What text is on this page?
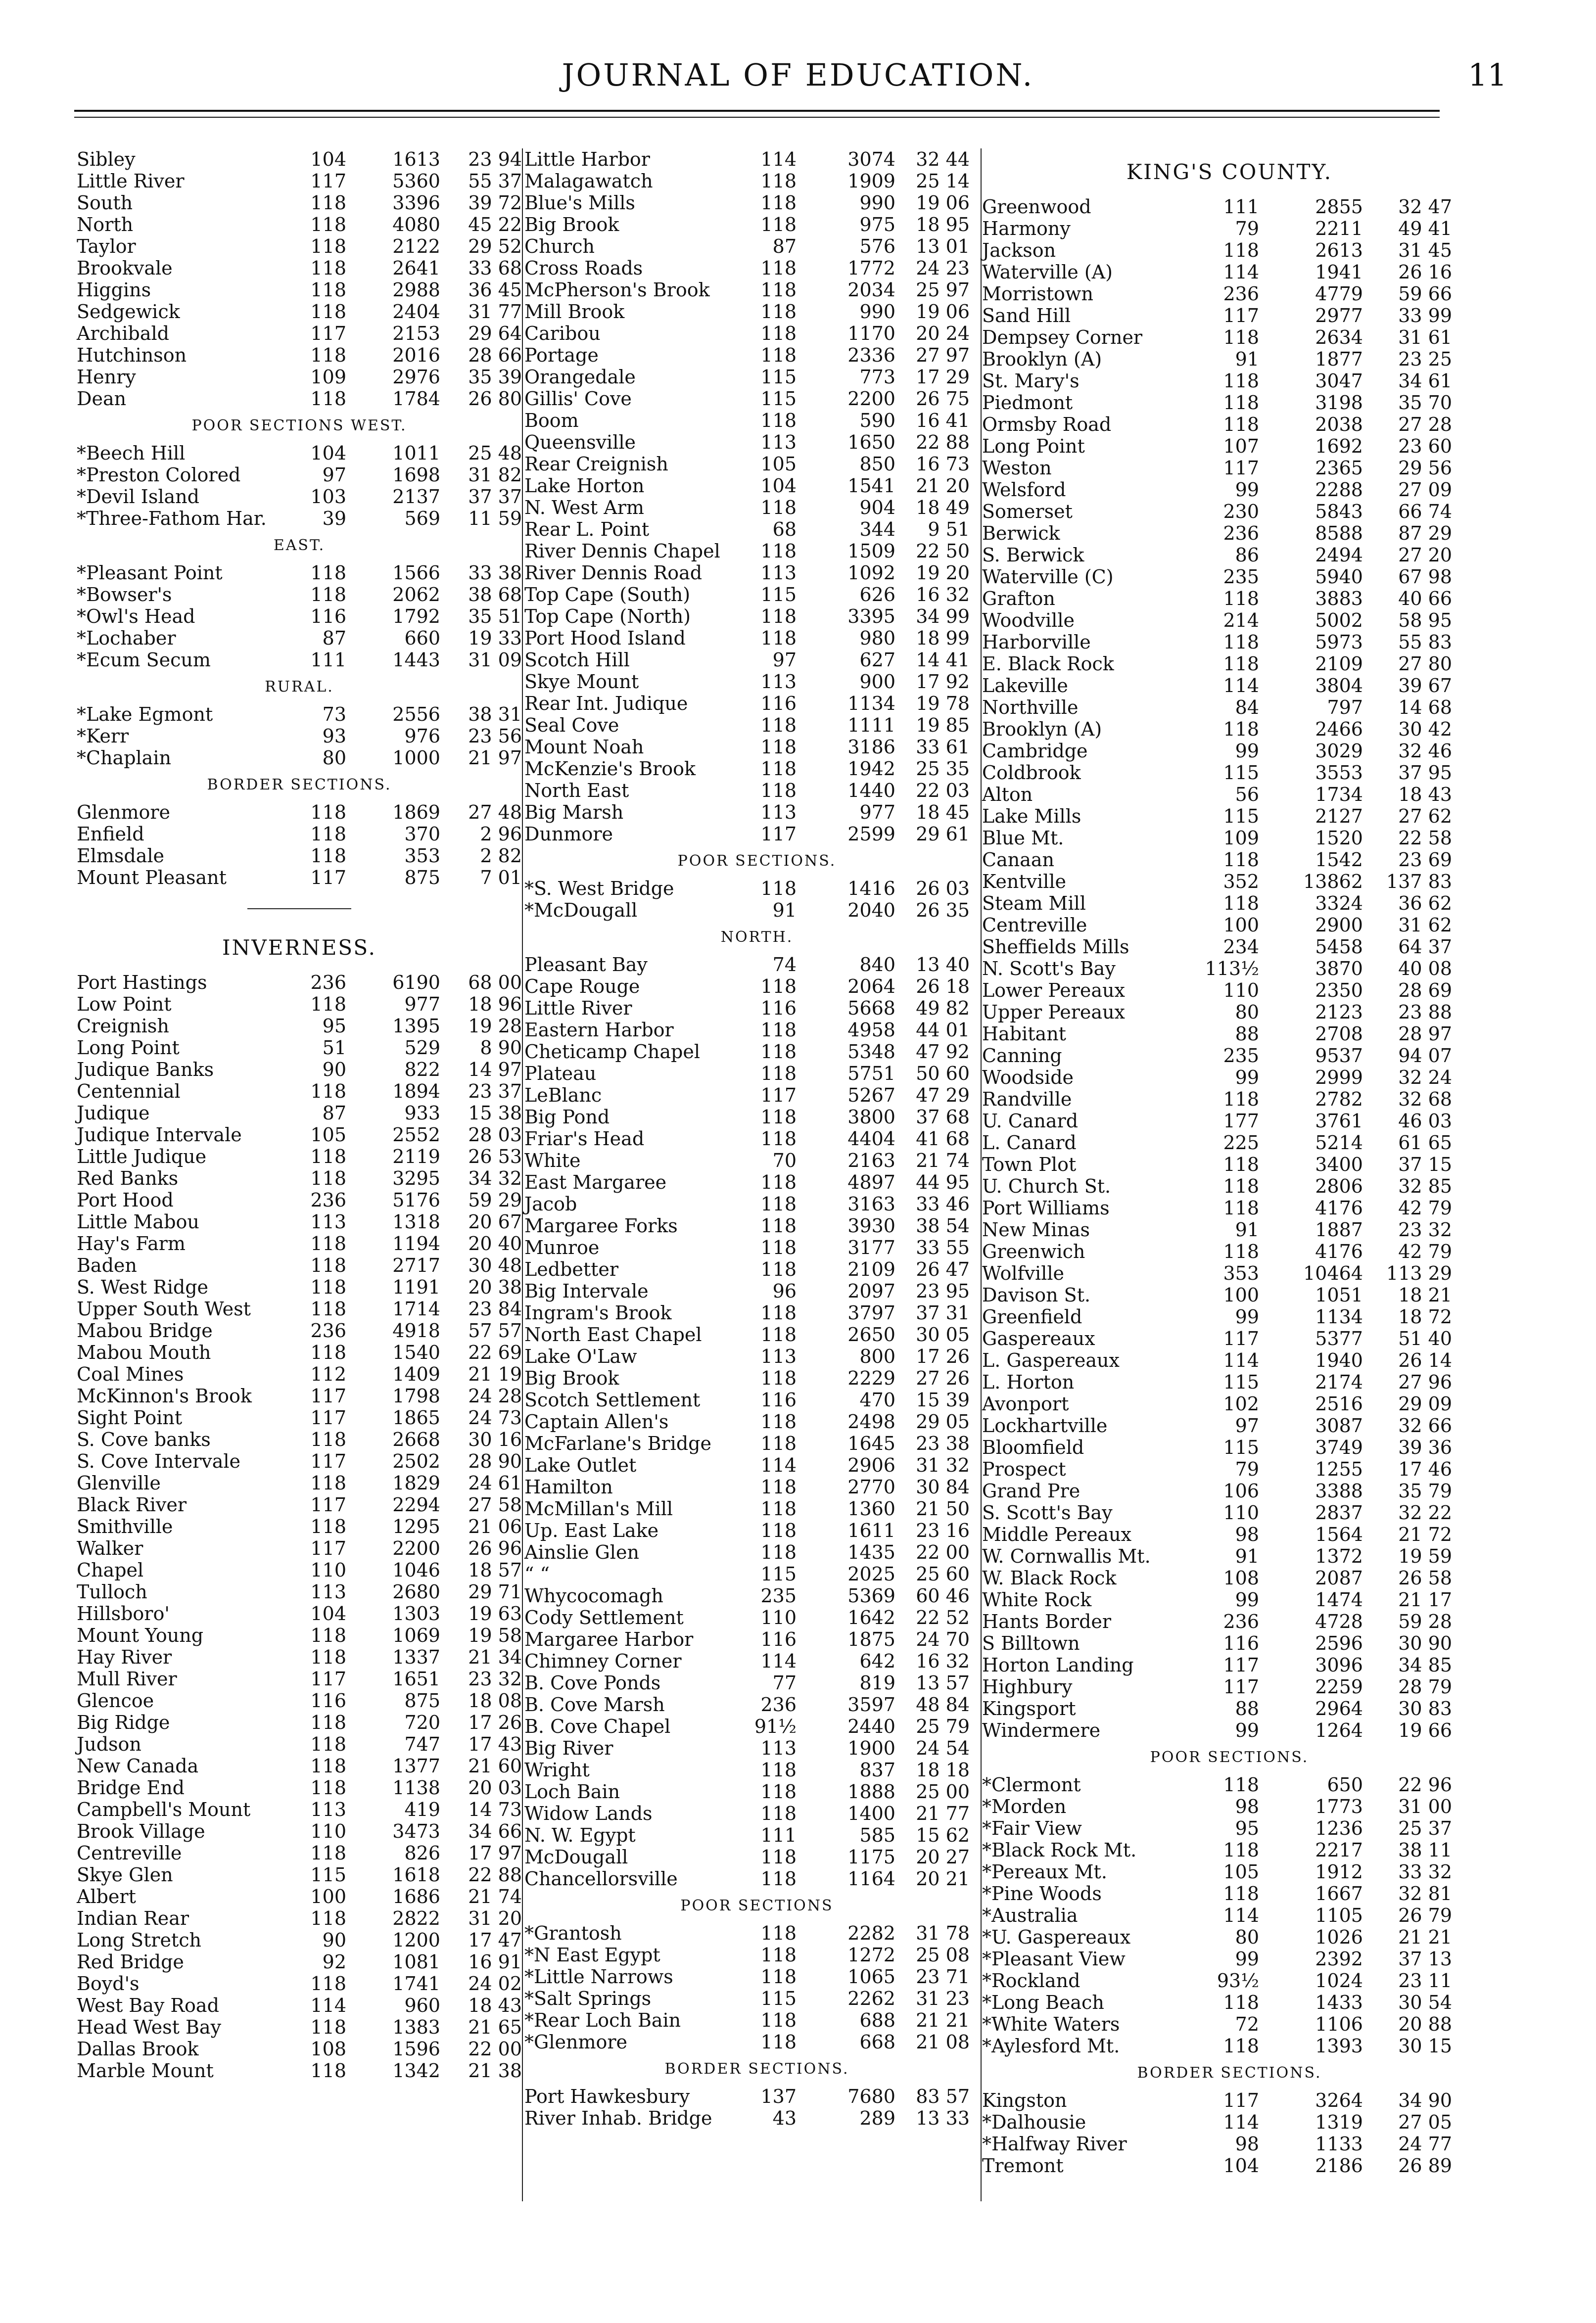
JOURNAL OF EDUCATION.	11
Sibley	104	1613	23 94
Little River	117	5360	55 37
South	118	3396	39 72
North	118	4080	45 22
Taylor	118	2122	29 52
Brookvale	118	2641	33 68
Higgins	118	2988	36 45
Sedgewick	118	2404	31 77
Archibald	117	2153	29 64
Hutchinson	118	2016	28 66
Henry	109	2976	35 39
Dean	118	1784	26 80
POOR SECTIONS WEST.
*Beech Hill	104	1011	25 48
*Preston Colored	97	1698	31 82
*Devil Island	103	2137	37 37
*Three-Fathom Har.	39	569	11 59
EAST.
*Pleasant Point	118	1566	33 38
*Bowser's	118	2062	38 68
*Owl's Head	116	1792	35 51
*Lochaber	87	660	19 33
*Ecum Secum	111	1443	31 09
RURAL.
*Lake Egmont	73	2556	38 31
*Kerr	93	976	23 56
*Chaplain	80	1000	21 97
BORDER SECTIONS.
Glenmore	118	1869	27 48
Enfield	118	370	2 96
Elmsdale	118	353	2 82
Mount Pleasant	117	875	7 01
INVERNESS.
Port Hastings	236	6190	68 00
Low Point	118	977	18 96
Creignish	95	1395	19 28
Long Point	51	529	8 90
Judique Banks	90	822	14 97
Centennial	118	1894	23 37
Judique	87	933	15 38
Judique Intervale	105	2552	28 03
Little Judique	118	2119	26 53
Red Banks	118	3295	34 32
Port Hood	236	5176	59 29
Little Mabou	113	1318	20 67
Hay's Farm	118	1194	20 40
Baden	118	2717	30 48
S. West Ridge	118	1191	20 38
Upper South West	118	1714	23 84
Mabou Bridge	236	4918	57 57
Mabou Mouth	118	1540	22 69
Coal Mines	112	1409	21 19
McKinnon's Brook	117	1798	24 28
Sight Point	117	1865	24 73
S. Cove banks	118	2668	30 16
S. Cove Intervale	117	2502	28 90
Glenville	118	1829	24 61
Black River	117	2294	27 58
Smithville	118	1295	21 06
Walker	117	2200	26 96
Chapel	110	1046	18 57
Tulloch	113	2680	29 71
Hillsboro'	104	1303	19 63
Mount Young	118	1069	19 58
Hay River	118	1337	21 34
Mull River	117	1651	23 32
Glencoe	116	875	18 08
Big Ridge	118	720	17 26
Judson	118	747	17 43
New Canada	118	1377	21 60
Bridge End	118	1138	20 03
Campbell's Mount	113	419	14 73
Brook Village	110	3473	34 66
Centreville	118	826	17 97
Skye Glen	115	1618	22 88
Albert	100	1686	21 74
Indian Rear	118	2822	31 20
Long Stretch	90	1200	17 47
Red Bridge	92	1081	16 91
Boyd's	118	1741	24 02
West Bay Road	114	960	18 43
Head West Bay	118	1383	21 65
Dallas Brook	108	1596	22 00
Marble Mount	118	1342	21 38
Little Harbor	114	3074	32 44
Malagawatch	118	1909	25 14
Blue's Mills	118	990	19 06
Big Brook	118	975	18 95
Church	87	576	13 01
Cross Roads	118	1772	24 23
McPherson's Brook	118	2034	25 97
Mill Brook	118	990	19 06
Caribou	118	1170	20 24
Portage	118	2336	27 97
Orangedale	115	773	17 29
Gillis' Cove	115	2200	26 75
Boom	118	590	16 41
Queensville	113	1650	22 88
Rear Creignish	105	850	16 73
Lake Horton	104	1541	21 20
N. West Arm	118	904	18 49
Rear L. Point	68	344	9 51
River Dennis Chapel	118	1509	22 50
River Dennis Road	113	1092	19 20
Top Cape (South)	115	626	16 32
Top Cape (North)	118	3395	34 99
Port Hood Island	118	980	18 99
Scotch Hill	97	627	14 41
Skye Mount	113	900	17 92
Rear Int. Judique	116	1134	19 78
Seal Cove	118	1111	19 85
Mount Noah	118	3186	33 61
McKenzie's Brook	118	1942	25 35
North East	118	1440	22 03
Big Marsh	113	977	18 45
Dunmore	117	2599	29 61
POOR SECTIONS.
*S. West Bridge	118	1416	26 03
*McDougall	91	2040	26 35
NORTH.
Pleasant Bay	74	840	13 40
Cape Rouge	118	2064	26 18
Little River	116	5668	49 82
Eastern Harbor	118	4958	44 01
Cheticamp Chapel	118	5348	47 92
Plateau	118	5751	50 60
LeBlanc	117	5267	47 29
Big Pond	118	3800	37 68
Friar's Head	118	4404	41 68
White	70	2163	21 74
East Margaree	118	4897	44 95
Jacob	118	3163	33 46
Margaree Forks	118	3930	38 54
Munroe	118	3177	33 55
Ledbetter	118	2109	26 47
Big Intervale	96	2097	23 95
Ingram's Brook	118	3797	37 31
North East Chapel	118	2650	30 05
Lake O'Law	113	800	17 26
Big Brook	118	2229	27 26
Scotch Settlement	116	470	15 39
Captain Allen's	118	2498	29 05
McFarlane's Bridge	118	1645	23 38
Lake Outlet	114	2906	31 32
Hamilton	118	2770	30 84
McMillan's Mill	118	1360	21 50
Up. East Lake	118	1611	23 16
Ainslie Glen	118	1435	22 00
“ “	115	2025	25 60
Whycocomagh	235	5369	60 46
Cody Settlement	110	1642	22 52
Margaree Harbor	116	1875	24 70
Chimney Corner	114	642	16 32
B. Cove Ponds	77	819	13 57
B. Cove Marsh	236	3597	48 84
B. Cove Chapel	91½	2440	25 79
Big River	113	1900	24 54
Wright	118	837	18 18
Loch Bain	118	1888	25 00
Widow Lands	118	1400	21 77
N. W. Egypt	111	585	15 62
McDougall	118	1175	20 27
Chancellorsville	118	1164	20 21
POOR SECTIONS
*Grantosh	118	2282	31 78
*N East Egypt	118	1272	25 08
*Little Narrows	118	1065	23 71
*Salt Springs	115	2262	31 23
*Rear Loch Bain	118	688	21 21
*Glenmore	118	668	21 08
BORDER SECTIONS.
Port Hawkesbury	137	7680	83 57
River Inhab. Bridge	43	289	13 33
KING'S COUNTY.
Greenwood	111	2855	32 47
Harmony	79	2211	49 41
Jackson	118	2613	31 45
Waterville (A)	114	1941	26 16
Morristown	236	4779	59 66
Sand Hill	117	2977	33 99
Dempsey Corner	118	2634	31 61
Brooklyn (A)	91	1877	23 25
St. Mary's	118	3047	34 61
Piedmont	118	3198	35 70
Ormsby Road	118	2038	27 28
Long Point	107	1692	23 60
Weston	117	2365	29 56
Welsford	99	2288	27 09
Somerset	230	5843	66 74
Berwick	236	8588	87 29
S. Berwick	86	2494	27 20
Waterville (C)	235	5940	67 98
Grafton	118	3883	40 66
Woodville	214	5002	58 95
Harborville	118	5973	55 83
E. Black Rock	118	2109	27 80
Lakeville	114	3804	39 67
Northville	84	797	14 68
Brooklyn (A)	118	2466	30 42
Cambridge	99	3029	32 46
Coldbrook	115	3553	37 95
Alton	56	1734	18 43
Lake Mills	115	2127	27 62
Blue Mt.	109	1520	22 58
Canaan	118	1542	23 69
Kentville	352	13862	137 83
Steam Mill	118	3324	36 62
Centreville	100	2900	31 62
Sheffields Mills	234	5458	64 37
N. Scott's Bay	113½	3870	40 08
Lower Pereaux	110	2350	28 69
Upper Pereaux	80	2123	23 88
Habitant	88	2708	28 97
Canning	235	9537	94 07
Woodside	99	2999	32 24
Randville	118	2782	32 68
U. Canard	177	3761	46 03
L. Canard	225	5214	61 65
Town Plot	118	3400	37 15
U. Church St.	118	2806	32 85
Port Williams	118	4176	42 79
New Minas	91	1887	23 32
Greenwich	118	4176	42 79
Wolfville	353	10464	113 29
Davison St.	100	1051	18 21
Greenfield	99	1134	18 72
Gaspereaux	117	5377	51 40
L. Gaspereaux	114	1940	26 14
L. Horton	115	2174	27 96
Avonport	102	2516	29 09
Lockhartville	97	3087	32 66
Bloomfield	115	3749	39 36
Prospect	79	1255	17 46
Grand Pre	106	3388	35 79
S. Scott's Bay	110	2837	32 22
Middle Pereaux	98	1564	21 72
W. Cornwallis Mt.	91	1372	19 59
W. Black Rock	108	2087	26 58
White Rock	99	1474	21 17
Hants Border	236	4728	59 28
S Billtown	116	2596	30 90
Horton Landing	117	3096	34 85
Highbury	117	2259	28 79
Kingsport	88	2964	30 83
Windermere	99	1264	19 66
POOR SECTIONS.
*Clermont	118	650	22 96
*Morden	98	1773	31 00
*Fair View	95	1236	25 37
*Black Rock Mt.	118	2217	38 11
*Pereaux Mt.	105	1912	33 32
*Pine Woods	118	1667	32 81
*Australia	114	1105	26 79
*U. Gaspereaux	80	1026	21 21
*Pleasant View	99	2392	37 13
*Rockland	93½	1024	23 11
*Long Beach	118	1433	30 54
*White Waters	72	1106	20 88
*Aylesford Mt.	118	1393	30 15
BORDER SECTIONS.
Kingston	117	3264	34 90
*Dalhousie	114	1319	27 05
*Halfway River	98	1133	24 77
Tremont	104	2186	26 89
